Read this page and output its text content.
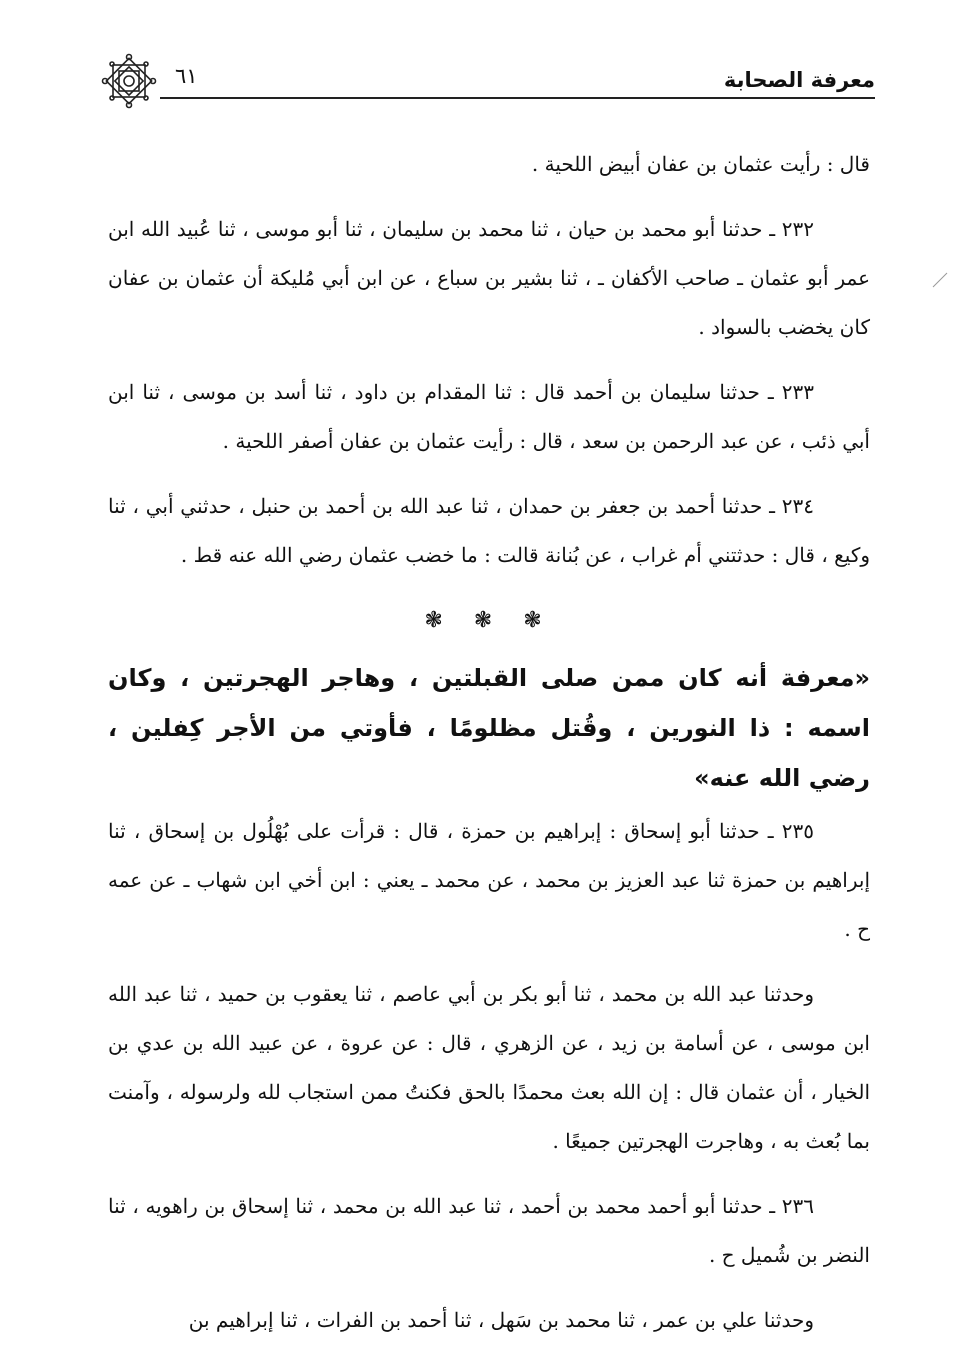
٦١	معرفة الصحابة

قال : رأيت عثمان بن عفان أبيض اللحية .

٢٣٢ ـ حدثنا أبو محمد بن حيان ، ثنا محمد بن سليمان ، ثنا أبو موسى ، ثنا عُبيد الله ابن عمر أبو عثمان ـ صاحب الأكفان ـ ، ثنا بشير بن سباع ، عن ابن أبي مُليكة أن عثمان بن عفان كان يخضب بالسواد .

٢٣٣ ـ حدثنا سليمان بن أحمد قال : ثنا المقدام بن داود ، ثنا أسد بن موسى ، ثنا ابن أبي ذئب ، عن عبد الرحمن بن سعد ، قال : رأيت عثمان بن عفان أصفر اللحية .

٢٣٤ ـ حدثنا أحمد بن جعفر بن حمدان ، ثنا عبد الله بن أحمد بن حنبل ، حدثني أبي ، ثنا وكيع ، قال : حدثتني أم غراب ، عن بُنانة قالت : ما خضب عثمان رضي الله عنه قط .

❃ ❃ ❃
«معرفة أنه كان ممن صلى القبلتين ، وهاجر الهجرتين ، وكان اسمه : ذا النورين ، وقُتل مظلومًا ، فأوتي من الأجر كِفلين ، رضي الله عنه»

٢٣٥ ـ حدثنا أبو إسحاق : إبراهيم بن حمزة ، قال : قرأت على بُهْلُول بن إسحاق ، ثنا إبراهيم بن حمزة ثنا عبد العزيز بن محمد ، عن محمد ـ يعني : ابن أخي ابن شهاب ـ عن عمه ح .

وحدثنا عبد الله بن محمد ، ثنا أبو بكر بن أبي عاصم ، ثنا يعقوب بن حميد ، ثنا عبد الله ابن موسى ، عن أسامة بن زيد ، عن الزهري ، قال : عن عروة ، عن عبيد الله بن عدي بن الخيار ، أن عثمان قال : إن الله بعث محمدًا بالحق فكنتُ ممن استجاب لله ولرسوله ، وآمنت بما بُعث به ، وهاجرت الهجرتين جميعًا .

٢٣٦ ـ حدثنا أبو أحمد محمد بن أحمد ، ثنا عبد الله بن محمد ، ثنا إسحاق بن راهويه ، ثنا النضر بن شُميل ح .

وحدثنا علي بن عمر ، ثنا محمد بن سَهل ، ثنا أحمد بن الفرات ، ثنا إبراهيم بن
